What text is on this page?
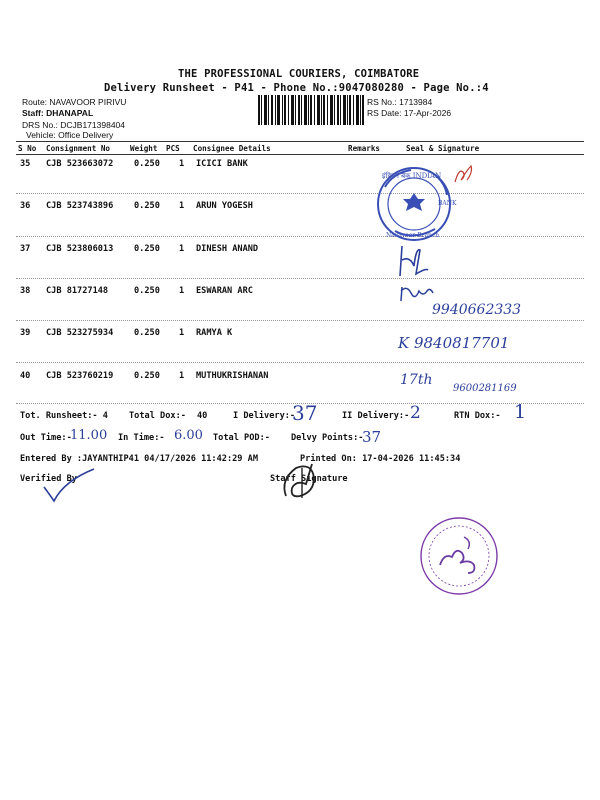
THE PROFESSIONAL COURIERS, COIMBATORE
Delivery Runsheet - P41 - Phone No.:9047080280 - Page No.:4
Route: NAVAVOOR PIRIVU
Staff: DHANAPAL
DRS No.: DCJB171398404
Vehicle: Office Delivery
RS No.: 1713984
RS Date: 17-Apr-2026
S No Consignment No	Weight PCS Consignee Details	Remarks	Seal & Signature
35 CJB 523663072 0.250 1 ICICI BANK
36 CJB 523743896 0.250 1 ARUN YOGESH
37 CJB 523806013 0.250 1 DINESH ANAND
38 CJB 81727148	0.250 1 ESWARAN ARC
39 CJB 523275934 0.250 1 RAMYA K
40 CJB 523760219 0.250 1 MUTHUKRISHANAN
इंडियन बैंक INDIAN
Navavoor Branch
BANK
9940662333
K 9840817701
17th
9600281169
Tot. Runsheet:- 4 Total Dox:- 40	I Delivery:-
37	II Delivery:- 2	RTN Dox:- 1
Out Time:-
11.00 In Time:- 6.00 Total POD:- Delvy Points:-
37
Entered By :JAYANTHIP41 04/17/2026 11:42:29 AM	Printed On: 17-04-2026 11:45:34
Verified By	Staff Signature
